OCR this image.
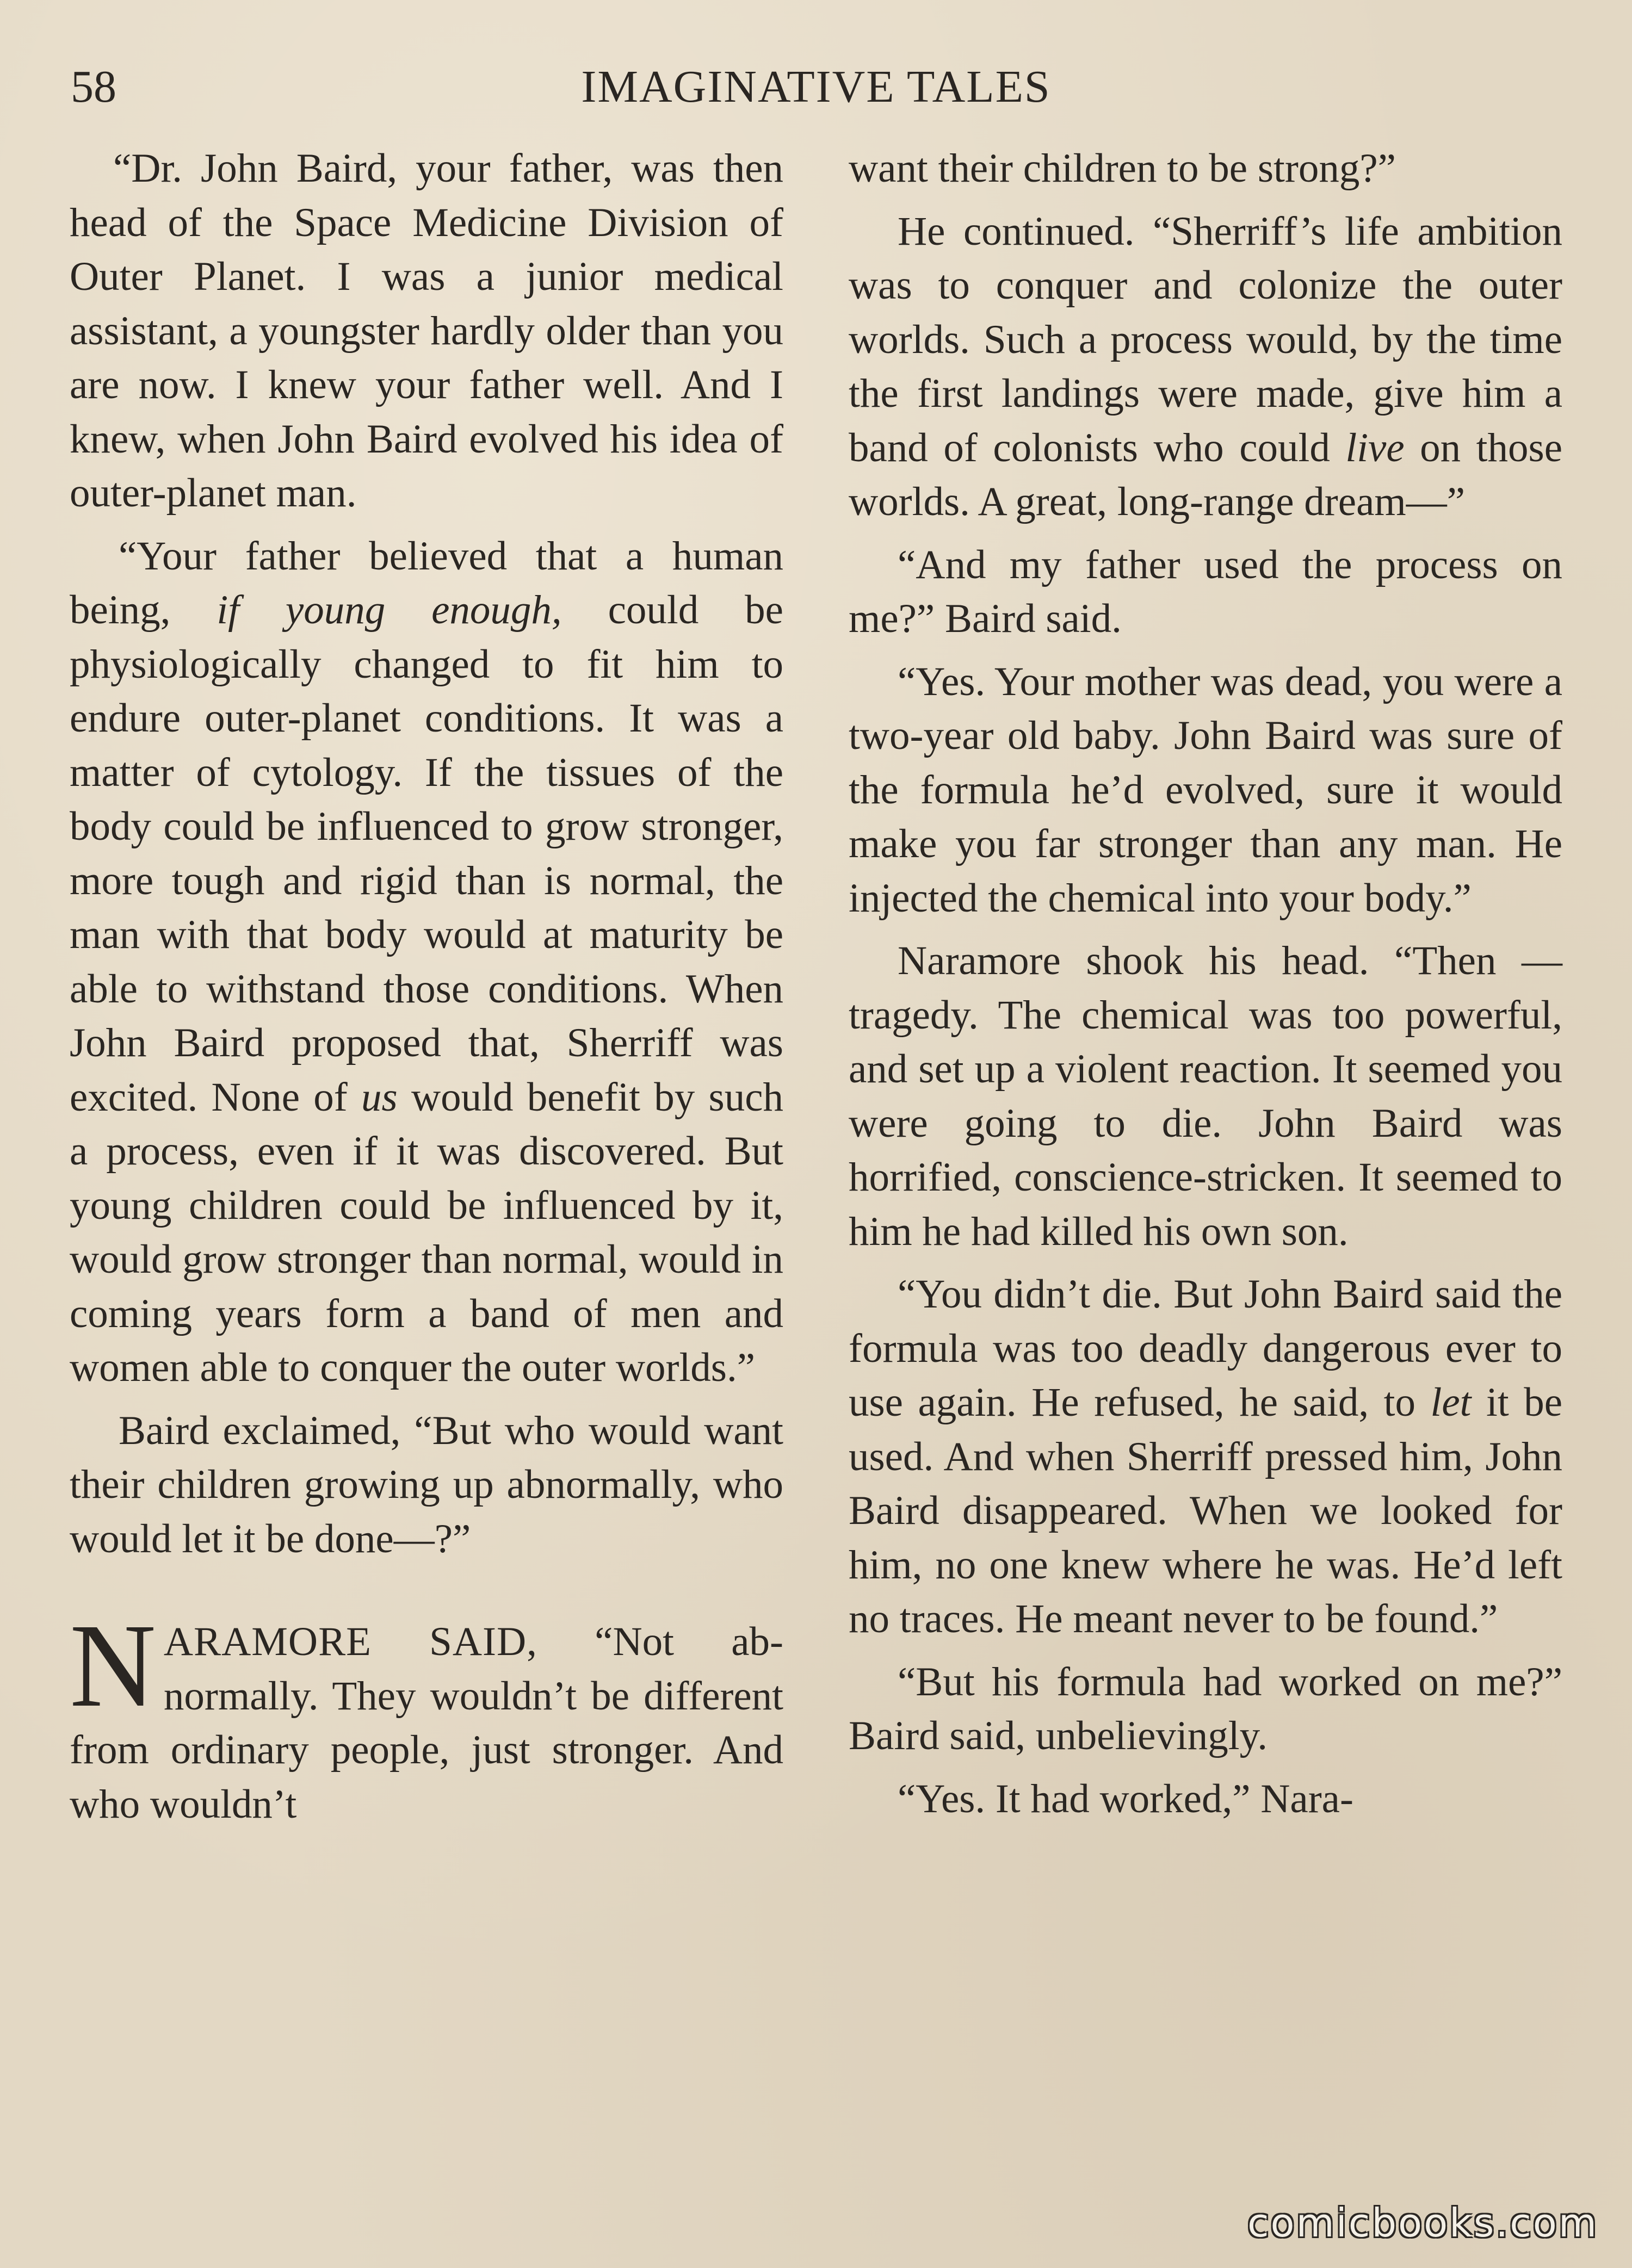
58	IMAGINATIVE TALES

“Dr. John Baird, your father, was then head of the Space Medicine Division of Outer Planet. I was a junior medical assistant, a youngster hardly older than you are now. I knew your father well. And I knew, when John Baird evolved his idea of outer-planet man.

“Your father believed that a human being, if young enough, could be physiologically changed to fit him to endure outer-planet conditions. It was a matter of cytology. If the tissues of the body could be influenced to grow stronger, more tough and rigid than is normal, the man with that body would at maturity be able to withstand those conditions. When John Baird proposed that, Sherriff was excited. None of us would benefit by such a process, even if it was discovered. But young children could be influenced by it, would grow stronger than normal, would in coming years form a band of men and women able to conquer the outer worlds.”

Baird exclaimed, “But who would want their children growing up abnormally, who would let it be done—?”

NARAMORE SAID, “Not abnormally. They wouldn’t be different from ordinary people, just stronger. And who wouldn’t

want their children to be strong?”

He continued. “Sherriff’s life ambition was to conquer and colonize the outer worlds. Such a process would, by the time the first landings were made, give him a band of colonists who could live on those worlds. A great, long-range dream—”

“And my father used the process on me?” Baird said.

“Yes. Your mother was dead, you were a two-year old baby. John Baird was sure of the formula he’d evolved, sure it would make you far stronger than any man. He injected the chemical into your body.”

Naramore shook his head. “Then —tragedy. The chemical was too powerful, and set up a violent reaction. It seemed you were going to die. John Baird was horrified, conscience-stricken. It seemed to him he had killed his own son.

“You didn’t die. But John Baird said the formula was too deadly dangerous ever to use again. He refused, he said, to let it be used. And when Sherriff pressed him, John Baird disappeared. When we looked for him, no one knew where he was. He’d left no traces. He meant never to be found.”

“But his formula had worked on me?” Baird said, unbelievingly.

“Yes. It had worked,” Nara-

comicbooks.com
